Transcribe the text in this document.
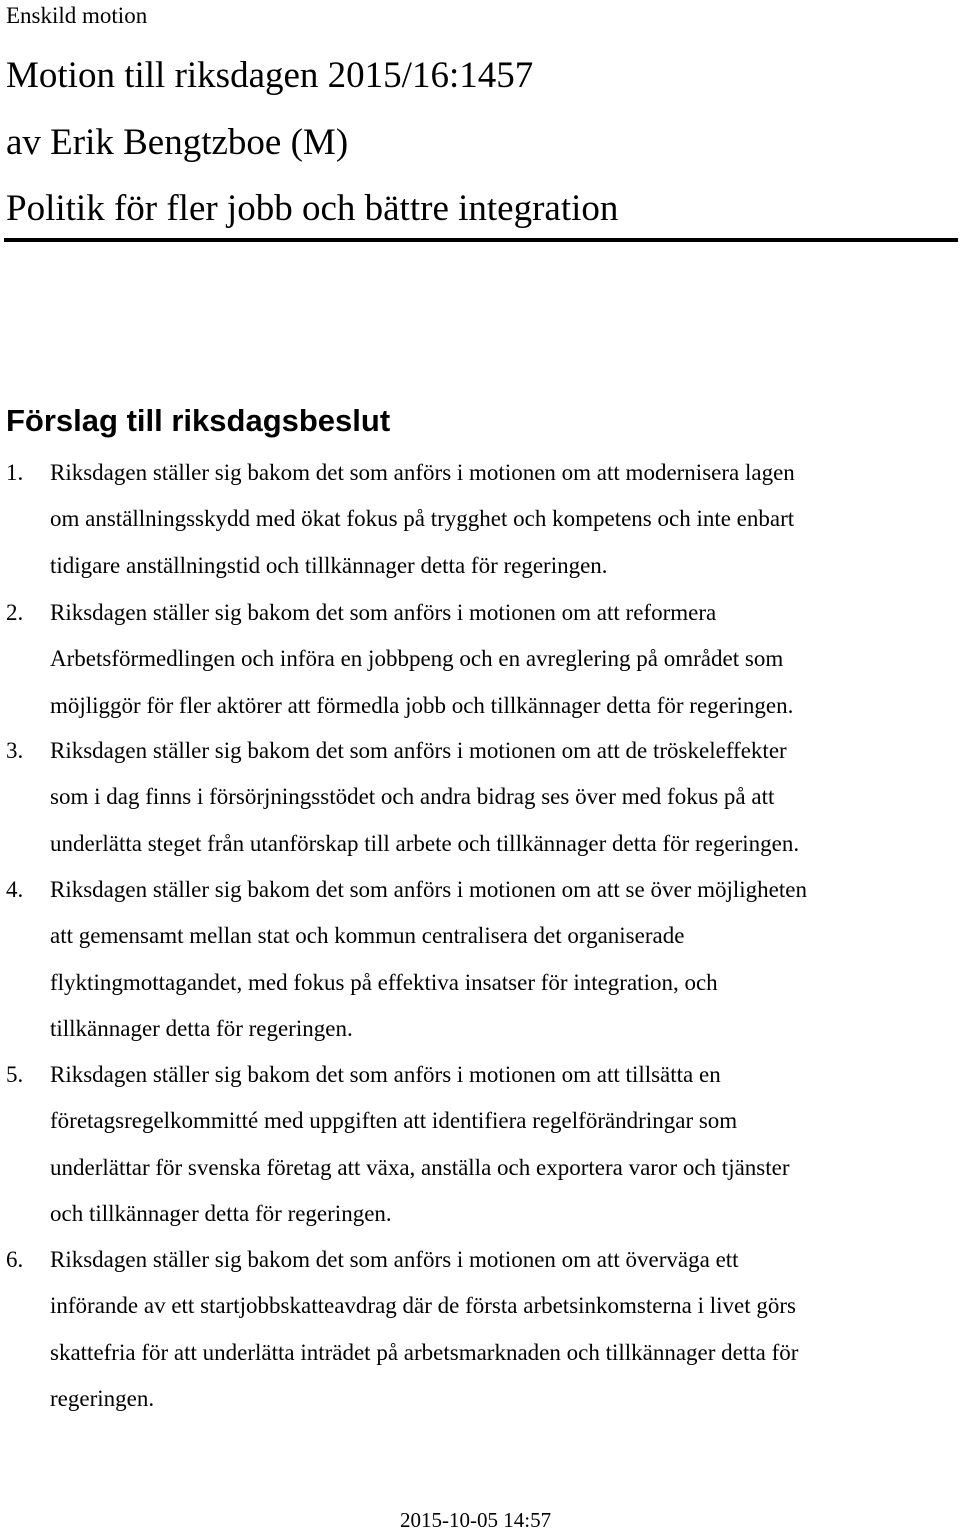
Enskild motion
Motion till riksdagen 2015/16:1457
av Erik Bengtzboe (M)
Politik för fler jobb och bättre integration
Förslag till riksdagsbeslut
1. Riksdagen ställer sig bakom det som anförs i motionen om att modernisera lagen
om anställningsskydd med ökat fokus på trygghet och kompetens och inte enbart
tidigare anställningstid och tillkännager detta för regeringen.
2. Riksdagen ställer sig bakom det som anförs i motionen om att reformera
Arbetsförmedlingen och införa en jobbpeng och en avreglering på området som
möjliggör för fler aktörer att förmedla jobb och tillkännager detta för regeringen.
3. Riksdagen ställer sig bakom det som anförs i motionen om att de tröskeleffekter
som i dag finns i försörjningsstödet och andra bidrag ses över med fokus på att
underlätta steget från utanförskap till arbete och tillkännager detta för regeringen.
4. Riksdagen ställer sig bakom det som anförs i motionen om att se över möjligheten
att gemensamt mellan stat och kommun centralisera det organiserade
flyktingmottagandet, med fokus på effektiva insatser för integration, och
tillkännager detta för regeringen.
5. Riksdagen ställer sig bakom det som anförs i motionen om att tillsätta en
företagsregelkommitté med uppgiften att identifiera regelförändringar som
underlättar för svenska företag att växa, anställa och exportera varor och tjänster
och tillkännager detta för regeringen.
6. Riksdagen ställer sig bakom det som anförs i motionen om att överväga ett
införande av ett startjobbskatteavdrag där de första arbetsinkomsterna i livet görs
skattefria för att underlätta inträdet på arbetsmarknaden och tillkännager detta för
regeringen.
2015-10-05 14:57
